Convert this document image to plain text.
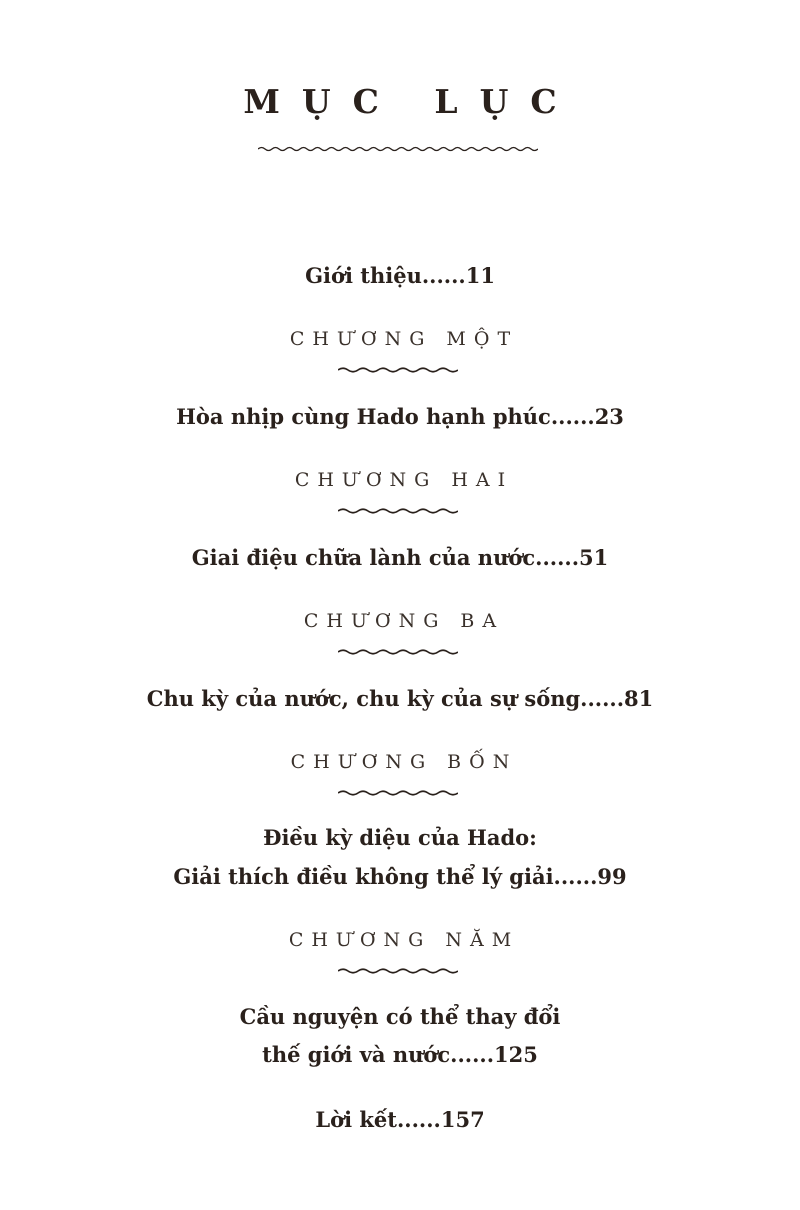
MỤC LỤC
Giới thiệu......11
CHƯƠNG MỘT
Hòa nhịp cùng Hado hạnh phúc......23
CHƯƠNG HAI
Giai điệu chữa lành của nước......51
CHƯƠNG BA
Chu kỳ của nước, chu kỳ của sự sống......81
CHƯƠNG BỐN
Điều kỳ diệu của Hado:
Giải thích điều không thể lý giải......99
CHƯƠNG NĂM
Cầu nguyện có thể thay đổi
thế giới và nước......125
Lời kết......157
